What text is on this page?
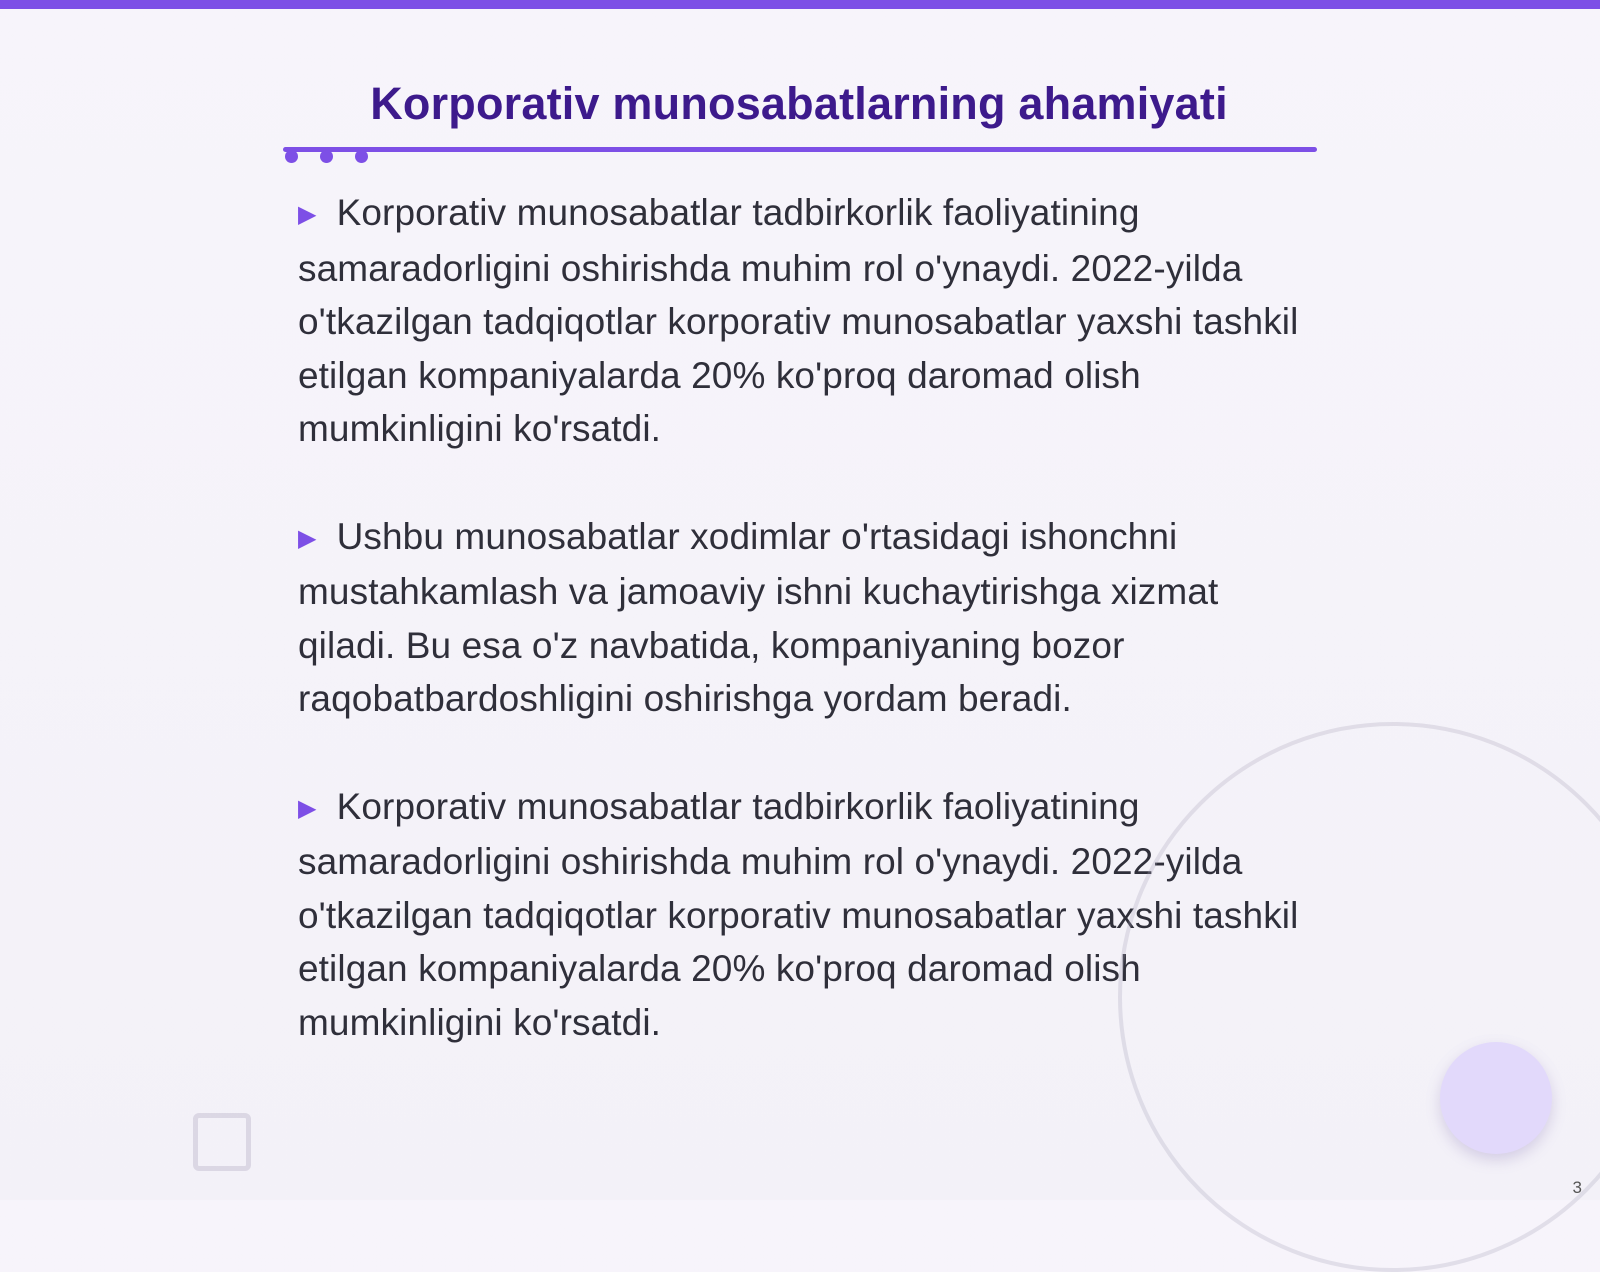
Korporativ munosabatlarning ahamiyati

▶ Korporativ munosabatlar tadbirkorlik faoliyatining samaradorligini oshirishda muhim rol o'ynaydi. 2022-yilda o'tkazilgan tadqiqotlar korporativ munosabatlar yaxshi tashkil etilgan kompaniyalarda 20% ko'proq daromad olish mumkinligini ko'rsatdi.

▶ Ushbu munosabatlar xodimlar o'rtasidagi ishonchni mustahkamlash va jamoaviy ishni kuchaytirishga xizmat qiladi. Bu esa o'z navbatida, kompaniyaning bozor raqobatbardoshligini oshirishga yordam beradi.

▶ Korporativ munosabatlar tadbirkorlik faoliyatining samaradorligini oshirishda muhim rol o'ynaydi. 2022-yilda o'tkazilgan tadqiqotlar korporativ munosabatlar yaxshi tashkil etilgan kompaniyalarda 20% ko'proq daromad olish mumkinligini ko'rsatdi.

3
